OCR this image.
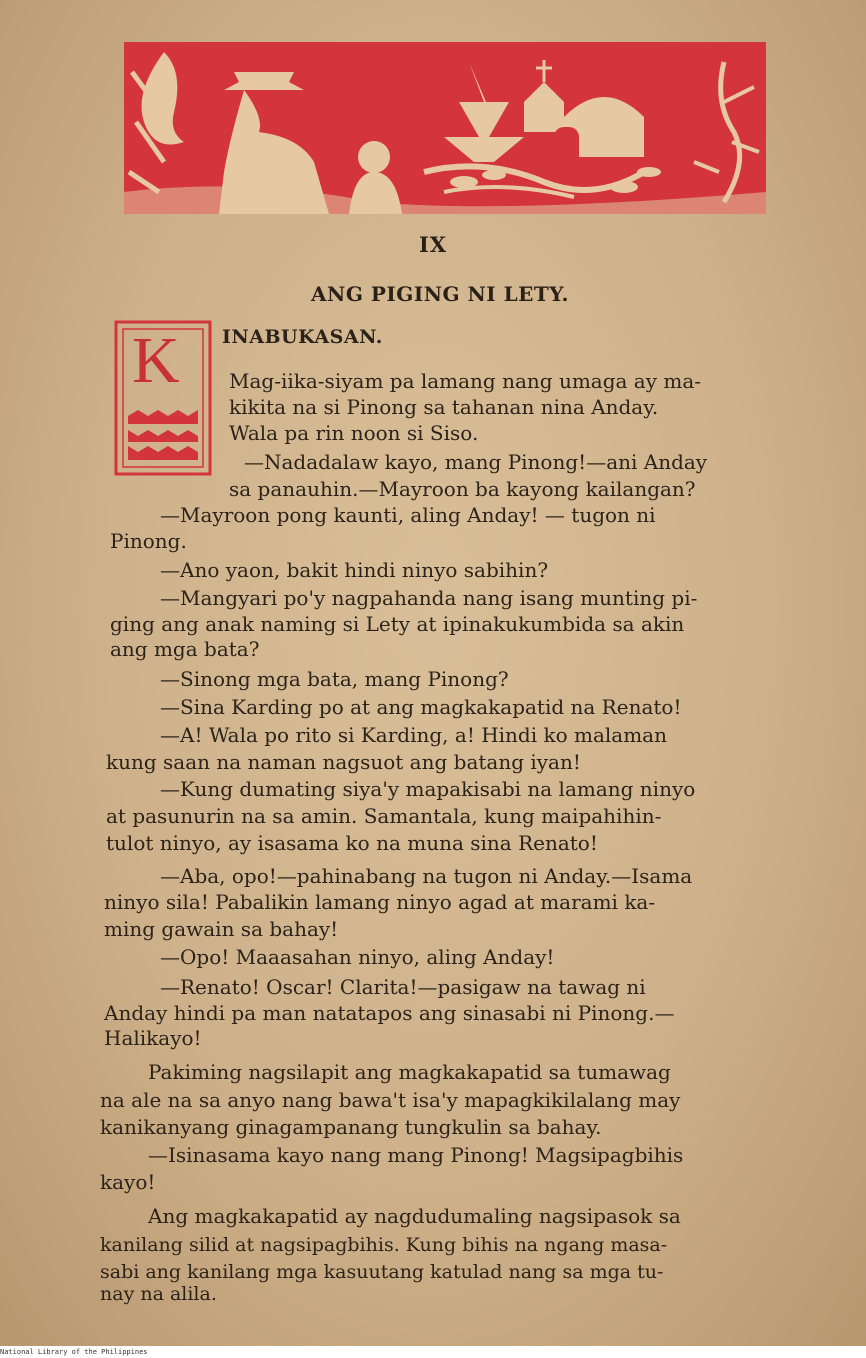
IX
ANG PIGING NI LETY.
K INABUKASAN.
Mag-iika-siyam pa lamang nang umaga ay ma-
kikita na si Pinong sa tahanan nina Anday.
Wala pa rin noon si Siso.
—Nadadalaw kayo, mang Pinong!—ani Anday
sa panauhin.—Mayroon ba kayong kailangan?
—Mayroon pong kaunti, aling Anday! — tugon ni
Pinong.
—Ano yaon, bakit hindi ninyo sabihin?
—Mangyari po'y nagpahanda nang isang munting pi-
ging ang anak naming si Lety at ipinakukumbida sa akin
ang mga bata?
—Sinong mga bata, mang Pinong?
—Sina Karding po at ang magkakapatid na Renato!
—A! Wala po rito si Karding, a! Hindi ko malaman
kung saan na naman nagsuot ang batang iyan!
—Kung dumating siya'y mapakisabi na lamang ninyo
at pasunurin na sa amin. Samantala, kung maipahihin-
tulot ninyo, ay isasama ko na muna sina Renato!
—Aba, opo!—pahinabang na tugon ni Anday.—Isama
ninyo sila! Pabalikin lamang ninyo agad at marami ka-
ming gawain sa bahay!
—Opo! Maaasahan ninyo, aling Anday!
—Renato! Oscar! Clarita!—pasigaw na tawag ni
Anday hindi pa man natatapos ang sinasabi ni Pinong.—
Halikayo!
Pakiming nagsilapit ang magkakapatid sa tumawag
na ale na sa anyo nang bawa't isa'y mapagkikilalang may
kanikanyang ginagampanang tungkulin sa bahay.
—Isinasama kayo nang mang Pinong! Magsipagbihis
kayo!
Ang magkakapatid ay nagdudumaling nagsipasok sa
kanilang silid at nagsipagbihis. Kung bihis na ngang masa-
sabi ang kanilang mga kasuutang katulad nang sa mga tu-
nay na alila.
National Library of the Philippines
